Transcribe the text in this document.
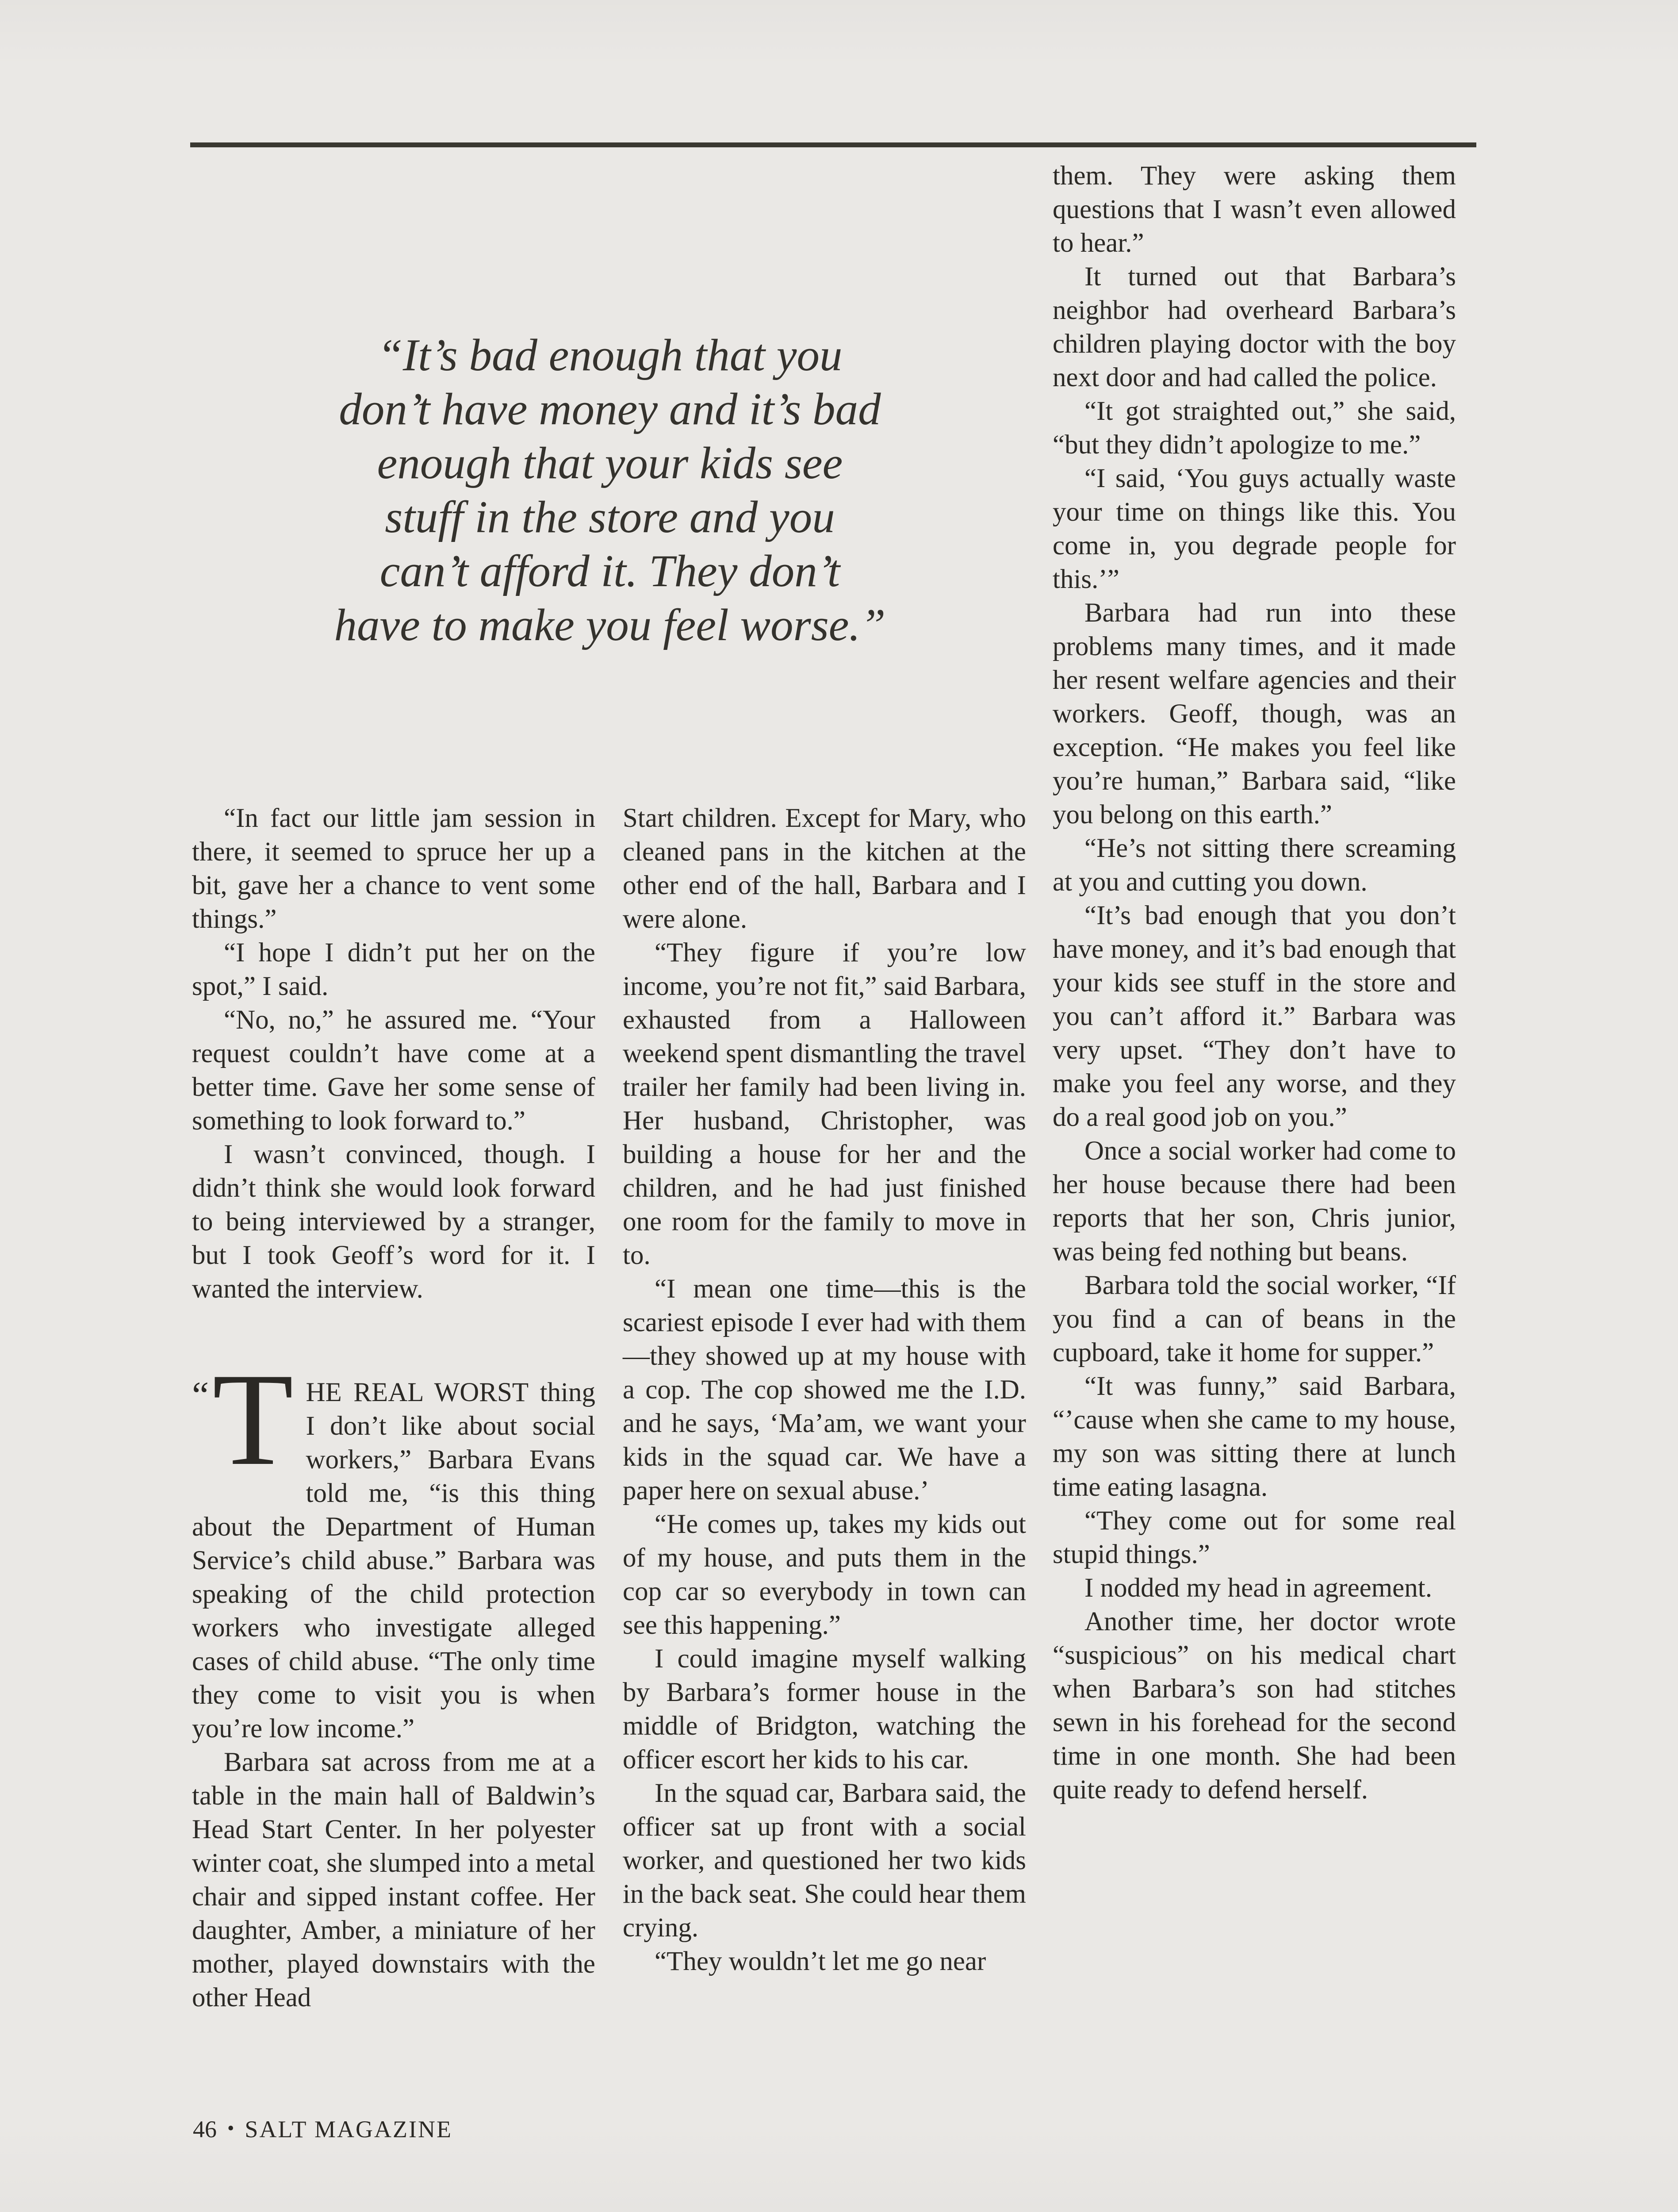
“It’s bad enough that you
don’t have money and it’s bad
enough that your kids see
stuff in the store and you
can’t afford it. They don’t
have to make you feel worse.”

“In fact our little jam session in there, it seemed to spruce her up a bit, gave her a chance to vent some things.”

“I hope I didn’t put her on the spot,” I said.

“No, no,” he assured me. “Your request couldn’t have come at a better time. Gave her some sense of something to look forward to.”

I wasn’t convinced, though. I didn’t think she would look forward to being interviewed by a stranger, but I took Geoff’s word for it. I wanted the interview.

“ T HE REAL WORST thing I don’t like about social workers,” Barbara Evans told me, “is this thing about the Department of Human Service’s child abuse.” Barbara was speaking of the child protection workers who investigate alleged cases of child abuse. “The only time they come to visit you is when you’re low income.”

Barbara sat across from me at a table in the main hall of Baldwin’s Head Start Center. In her polyester winter coat, she slumped into a metal chair and sipped instant coffee. Her daughter, Amber, a miniature of her mother, played downstairs with the other Head

Start children. Except for Mary, who cleaned pans in the kitchen at the other end of the hall, Barbara and I were alone.

“They figure if you’re low income, you’re not fit,” said Barbara, exhausted from a Halloween weekend spent dismantling the travel trailer her family had been living in. Her husband, Christopher, was building a house for her and the children, and he had just finished one room for the family to move in to.

“I mean one time—this is the scariest episode I ever had with them—they showed up at my house with a cop. The cop showed me the I.D. and he says, ‘Ma’am, we want your kids in the squad car. We have a paper here on sexual abuse.’

“He comes up, takes my kids out of my house, and puts them in the cop car so everybody in town can see this happening.”

I could imagine myself walking by Barbara’s former house in the middle of Bridgton, watching the officer escort her kids to his car.

In the squad car, Barbara said, the officer sat up front with a social worker, and questioned her two kids in the back seat. She could hear them crying.

“They wouldn’t let me go near

them. They were asking them questions that I wasn’t even allowed to hear.”

It turned out that Barbara’s neighbor had overheard Barbara’s children playing doctor with the boy next door and had called the police.

“It got straighted out,” she said, “but they didn’t apologize to me.”

“I said, ‘You guys actually waste your time on things like this. You come in, you degrade people for this.’”

Barbara had run into these problems many times, and it made her resent welfare agencies and their workers. Geoff, though, was an exception. “He makes you feel like you’re human,” Barbara said, “like you belong on this earth.”

“He’s not sitting there screaming at you and cutting you down.

“It’s bad enough that you don’t have money, and it’s bad enough that your kids see stuff in the store and you can’t afford it.” Barbara was very upset. “They don’t have to make you feel any worse, and they do a real good job on you.”

Once a social worker had come to her house because there had been reports that her son, Chris junior, was being fed nothing but beans.

Barbara told the social worker, “If you find a can of beans in the cupboard, take it home for supper.”

“It was funny,” said Barbara, “’cause when she came to my house, my son was sitting there at lunch time eating lasagna.

“They come out for some real stupid things.”

I nodded my head in agreement.

Another time, her doctor wrote “suspicious” on his medical chart when Barbara’s son had stitches sewn in his forehead for the second time in one month. She had been quite ready to defend herself.

46 • SALT MAGAZINE
